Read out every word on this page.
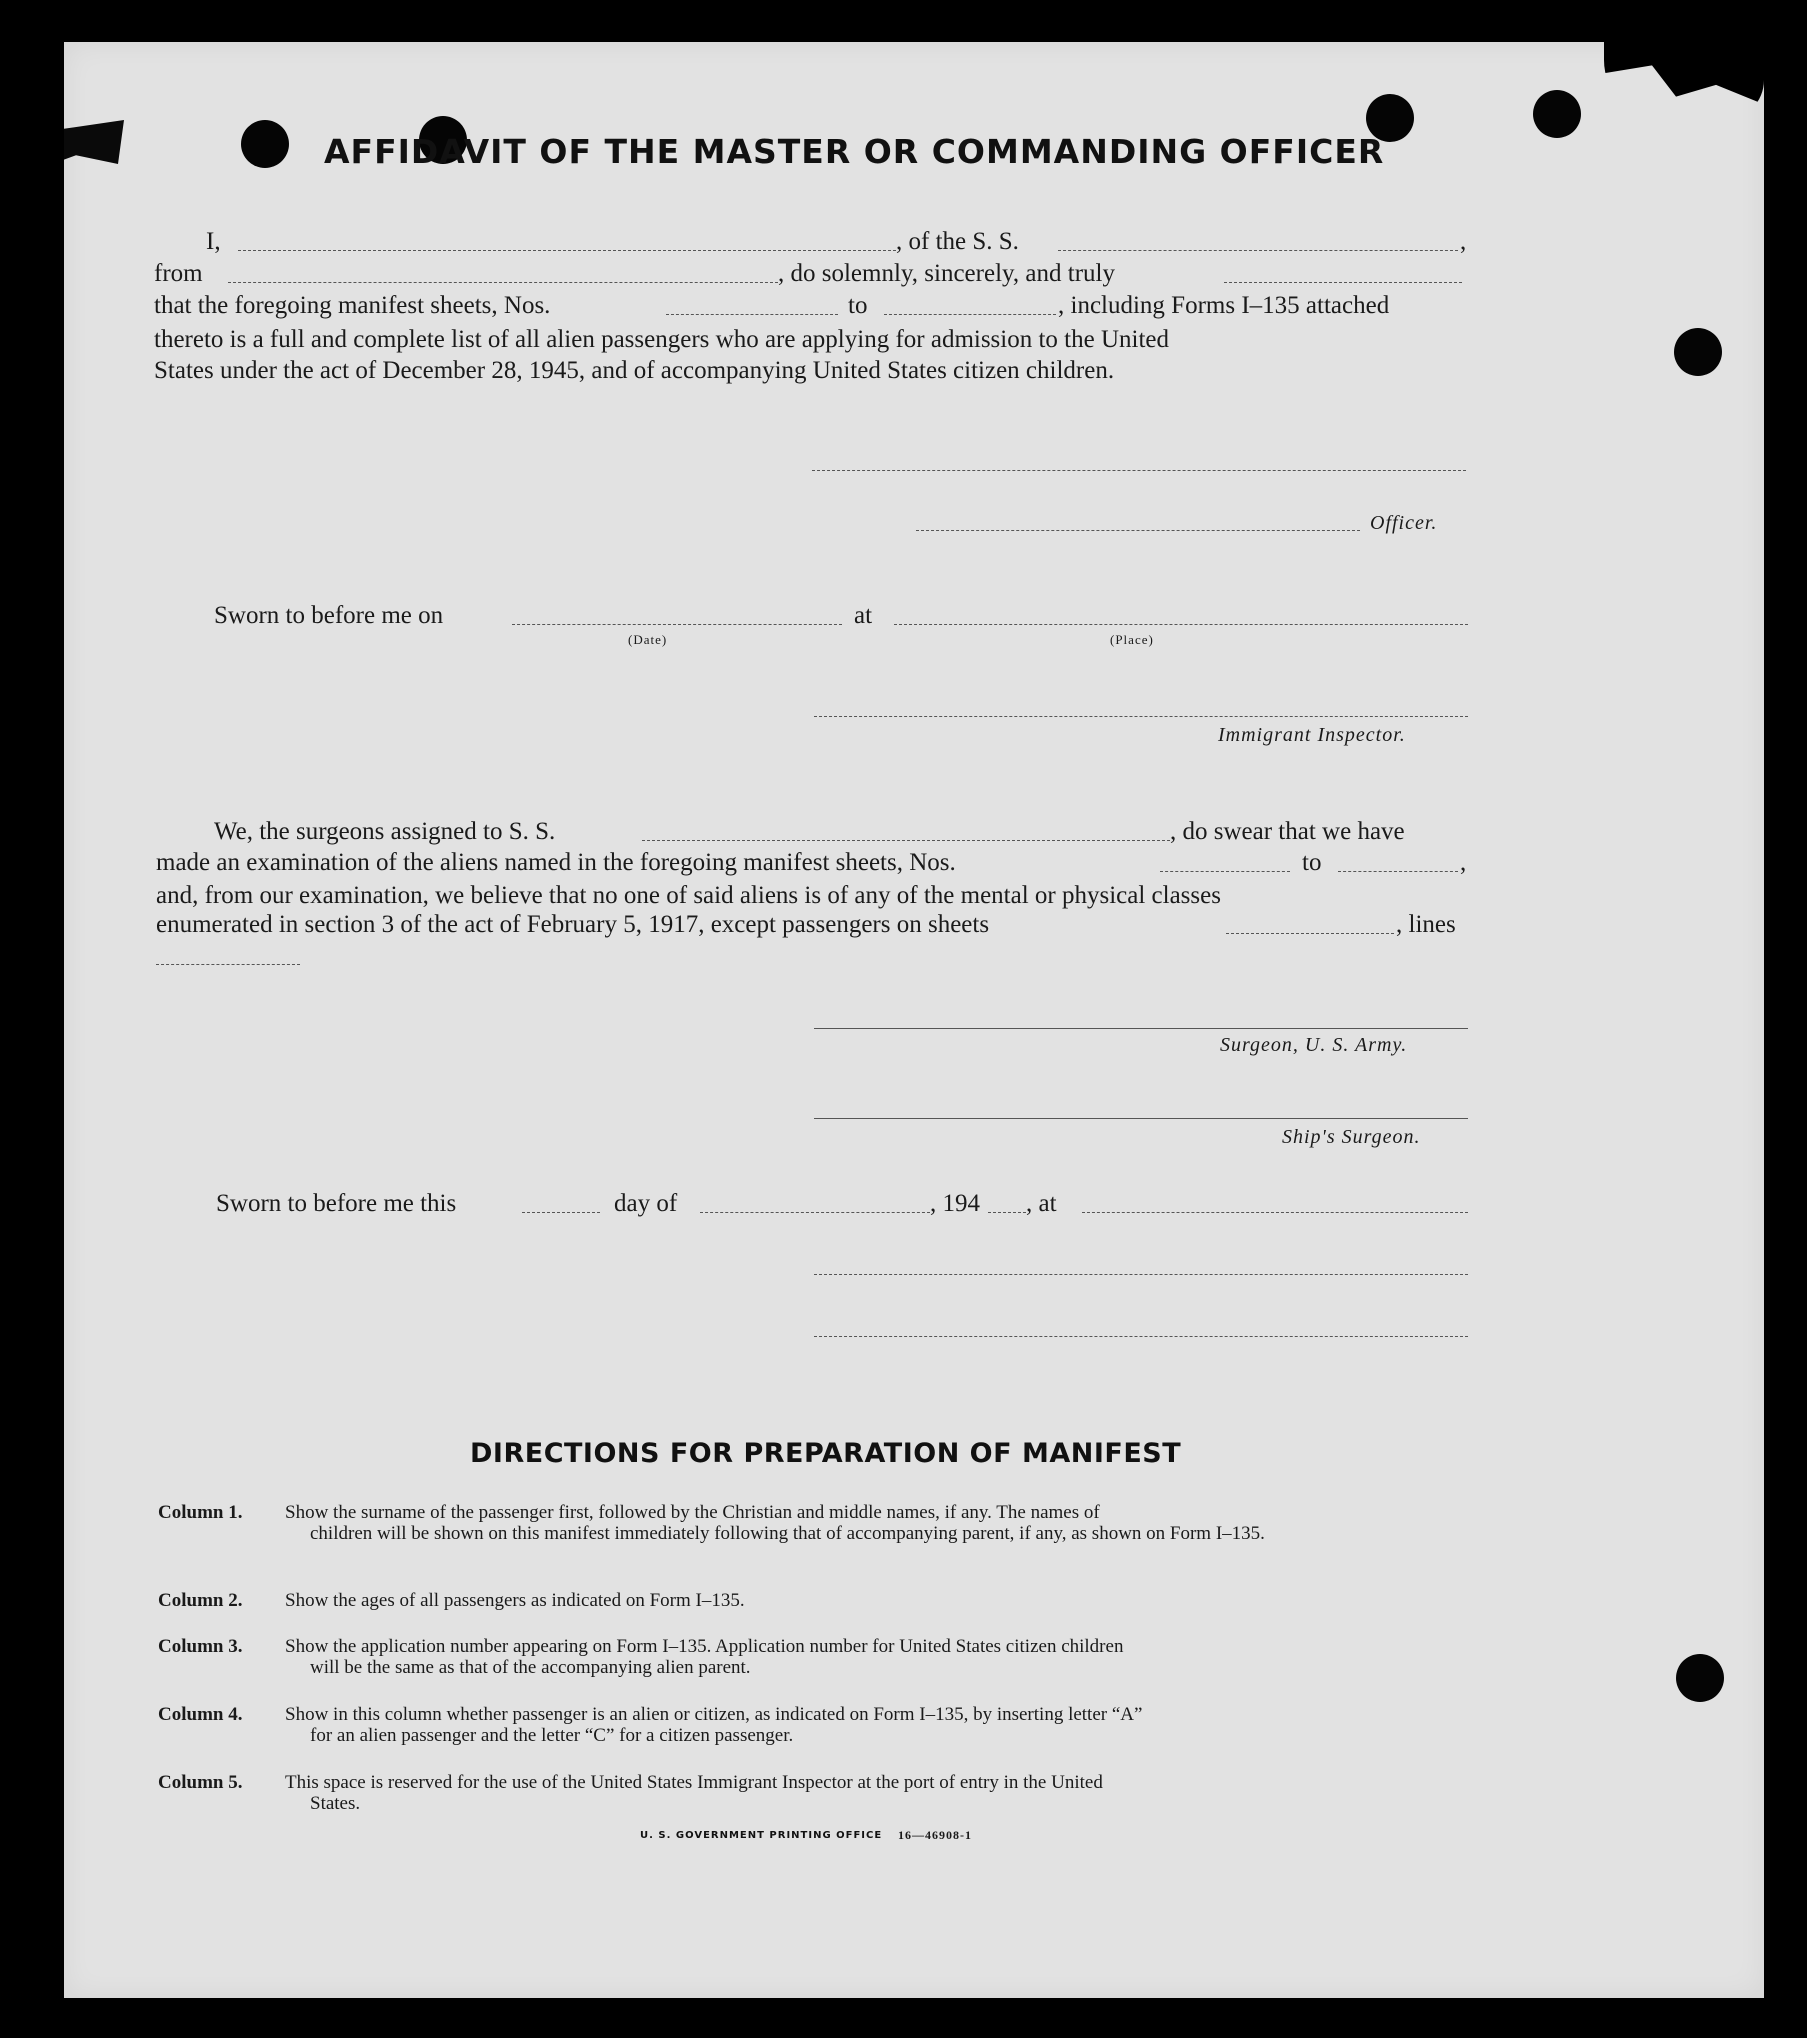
AFFIDAVIT OF THE MASTER OR COMMANDING OFFICER
I,	, of the S. S.	,
from	, do solemnly, sincerely, and truly
that the foregoing manifest sheets, Nos.	to	, including Forms I–135 attached
thereto is a full and complete list of all alien passengers who are applying for admission to the United
States under the act of December 28, 1945, and of accompanying United States citizen children.
Officer.
Sworn to before me on
(Date)
at
(Place)
Immigrant Inspector.
We, the surgeons assigned to S. S.	, do swear that we have
made an examination of the aliens named in the foregoing manifest sheets, Nos.	to	,
and, from our examination, we believe that no one of said aliens is of any of the mental or physical classes
enumerated in section 3 of the act of February 5, 1917, except passengers on sheets	, lines
Surgeon, U. S. Army.
Ship's Surgeon.
Sworn to before me this	day of	, 194 , at
DIRECTIONS FOR PREPARATION OF MANIFEST
Column 1. Show the surname of the passenger first, followed by the Christian and middle names, if any. The names of
children will be shown on this manifest immediately following that of accompanying parent, if any, as shown on Form I–135.
Column 2. Show the ages of all passengers as indicated on Form I–135.
Column 3. Show the application number appearing on Form I–135. Application number for United States citizen children
will be the same as that of the accompanying alien parent.
Column 4. Show in this column whether passenger is an alien or citizen, as indicated on Form I–135, by inserting letter “A”
for an alien passenger and the letter “C” for a citizen passenger.
Column 5. This space is reserved for the use of the United States Immigrant Inspector at the port of entry in the United
States.
U. S. GOVERNMENT PRINTING OFFICE 16—46908-1
